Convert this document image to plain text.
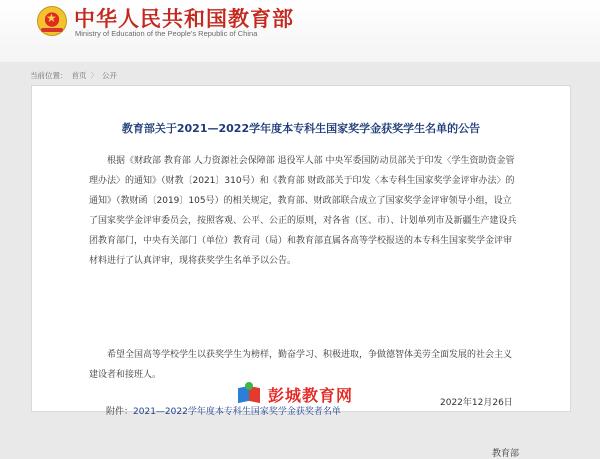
★ 中华人民共和国教育部
Ministry of Education of the People's Republic of China
当前位置： 首页 〉 公开
教育部关于2021—2022学年度本专科生国家奖学金获奖学生名单的公告
根据《财政部 教育部 人力资源社会保障部 退役军人部 中央军委国防动员部关于印发〈学生资助资金管理办法〉的通知》（财教〔2021〕310号）和《教育部 财政部关于印发〈本专科生国家奖学金评审办法〉的通知》（教财函〔2019〕105号）的相关规定，教育部、财政部联合成立了国家奖学金评审领导小组，设立了国家奖学金评审委员会，按照客观、公平、公正的原则，对各省（区、市）、计划单列市及新疆生产建设兵团教育部门，中央有关部门（单位）教育司（局）和教育部直属各高等学校报送的本专科生国家奖学金评审材料进行了认真评审，现将获奖学生名单予以公告。
希望全国高等学校学生以获奖学生为榜样，勤奋学习、积极进取，争做德智体美劳全面发展的社会主义建设者和接班人。
附件：2021—2022学年度本专科生国家奖学金获奖者名单
教育部
彭城教育网	2022年12月26日
